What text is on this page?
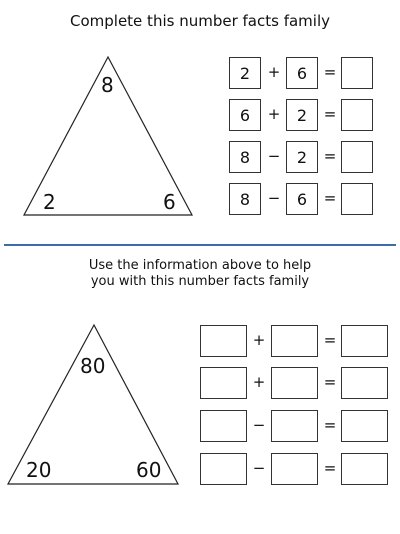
Complete this number facts family
8
2	6
2	+	6	=
6	+	2	=
8	−	2	=
8	−	6	=
Use the information above to help
you with this number facts family
80
20	60
+	=
+	=
−	=
−	=
